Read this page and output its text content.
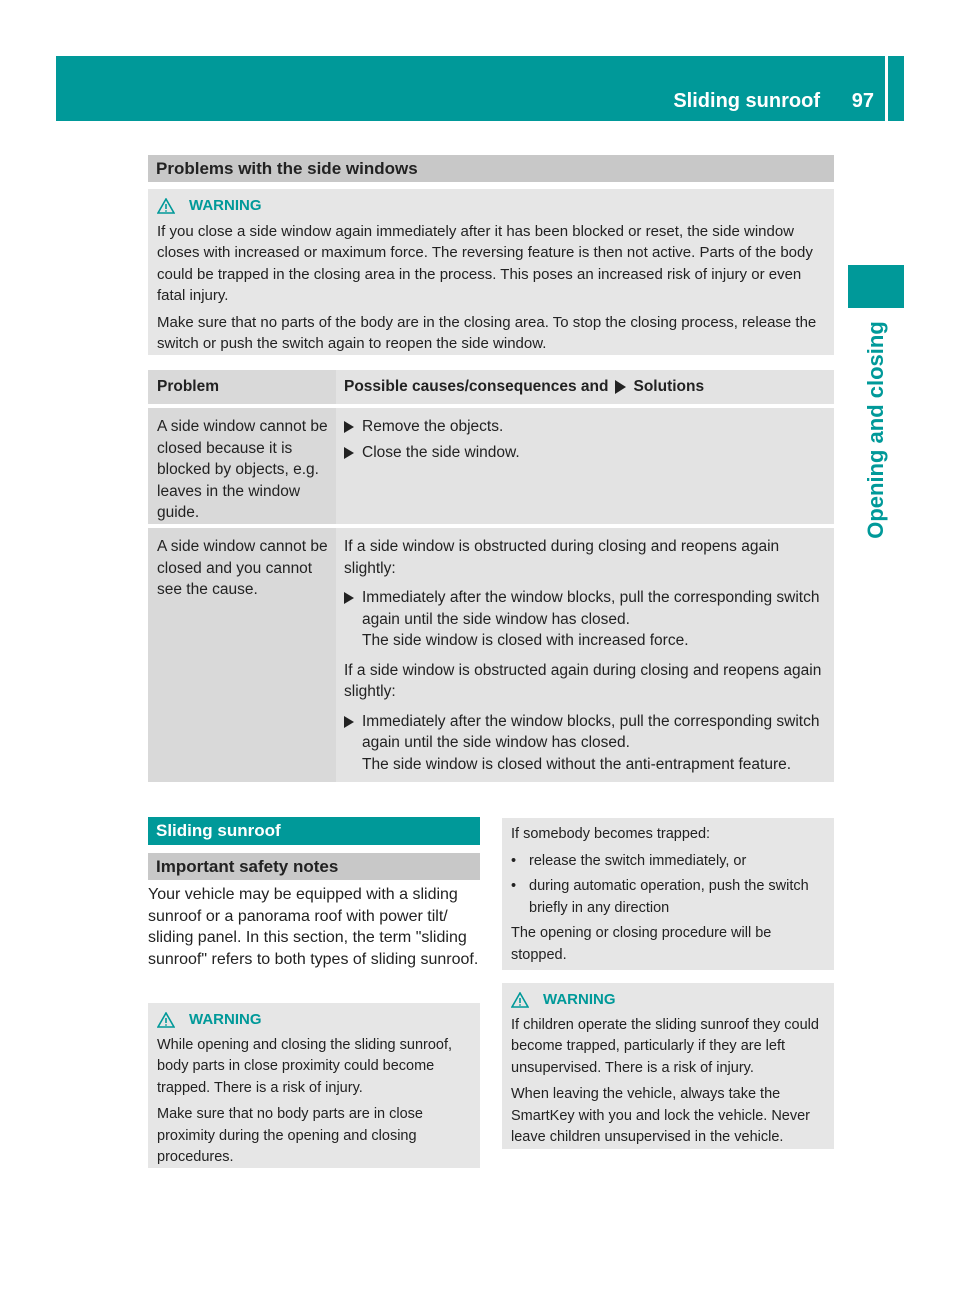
Sliding sunroof 97
Opening and closing
Problems with the side windows
WARNING

If you close a side window again immediately after it has been blocked or reset, the side window closes with increased or maximum force. The reversing feature is then not active. Parts of the body could be trapped in the closing area in the process. This poses an increased risk of injury or even fatal injury.

Make sure that no parts of the body are in the closing area. To stop the closing process, release the switch or push the switch again to reopen the side window.

Problem	Possible causes/consequences and Solutions
A side window cannot be closed because it is blocked by objects, e.g. leaves in the window guide.
Remove the objects.
Close the side window.
A side window cannot be closed and you cannot see the cause.

If a side window is obstructed during closing and reopens again slightly:

Immediately after the window blocks, pull the corresponding switch again until the side window has closed.
The side window is closed with increased force.

If a side window is obstructed again during closing and reopens again slightly:

Immediately after the window blocks, pull the corresponding switch again until the side window has closed.
The side window is closed without the anti-entrapment feature.
Sliding sunroof
Important safety notes
Your vehicle may be equipped with a sliding sunroof or a panorama roof with power tilt/ sliding panel. In this section, the term "sliding sunroof" refers to both types of sliding sunroof.
WARNING

While opening and closing the sliding sunroof, body parts in close proximity could become trapped. There is a risk of injury.

Make sure that no body parts are in close proximity during the opening and closing procedures.

If somebody becomes trapped:

• release the switch immediately, or
• during automatic operation, push the switch briefly in any direction

The opening or closing procedure will be stopped.

WARNING

If children operate the sliding sunroof they could become trapped, particularly if they are left unsupervised. There is a risk of injury.

When leaving the vehicle, always take the SmartKey with you and lock the vehicle. Never leave children unsupervised in the vehicle.
